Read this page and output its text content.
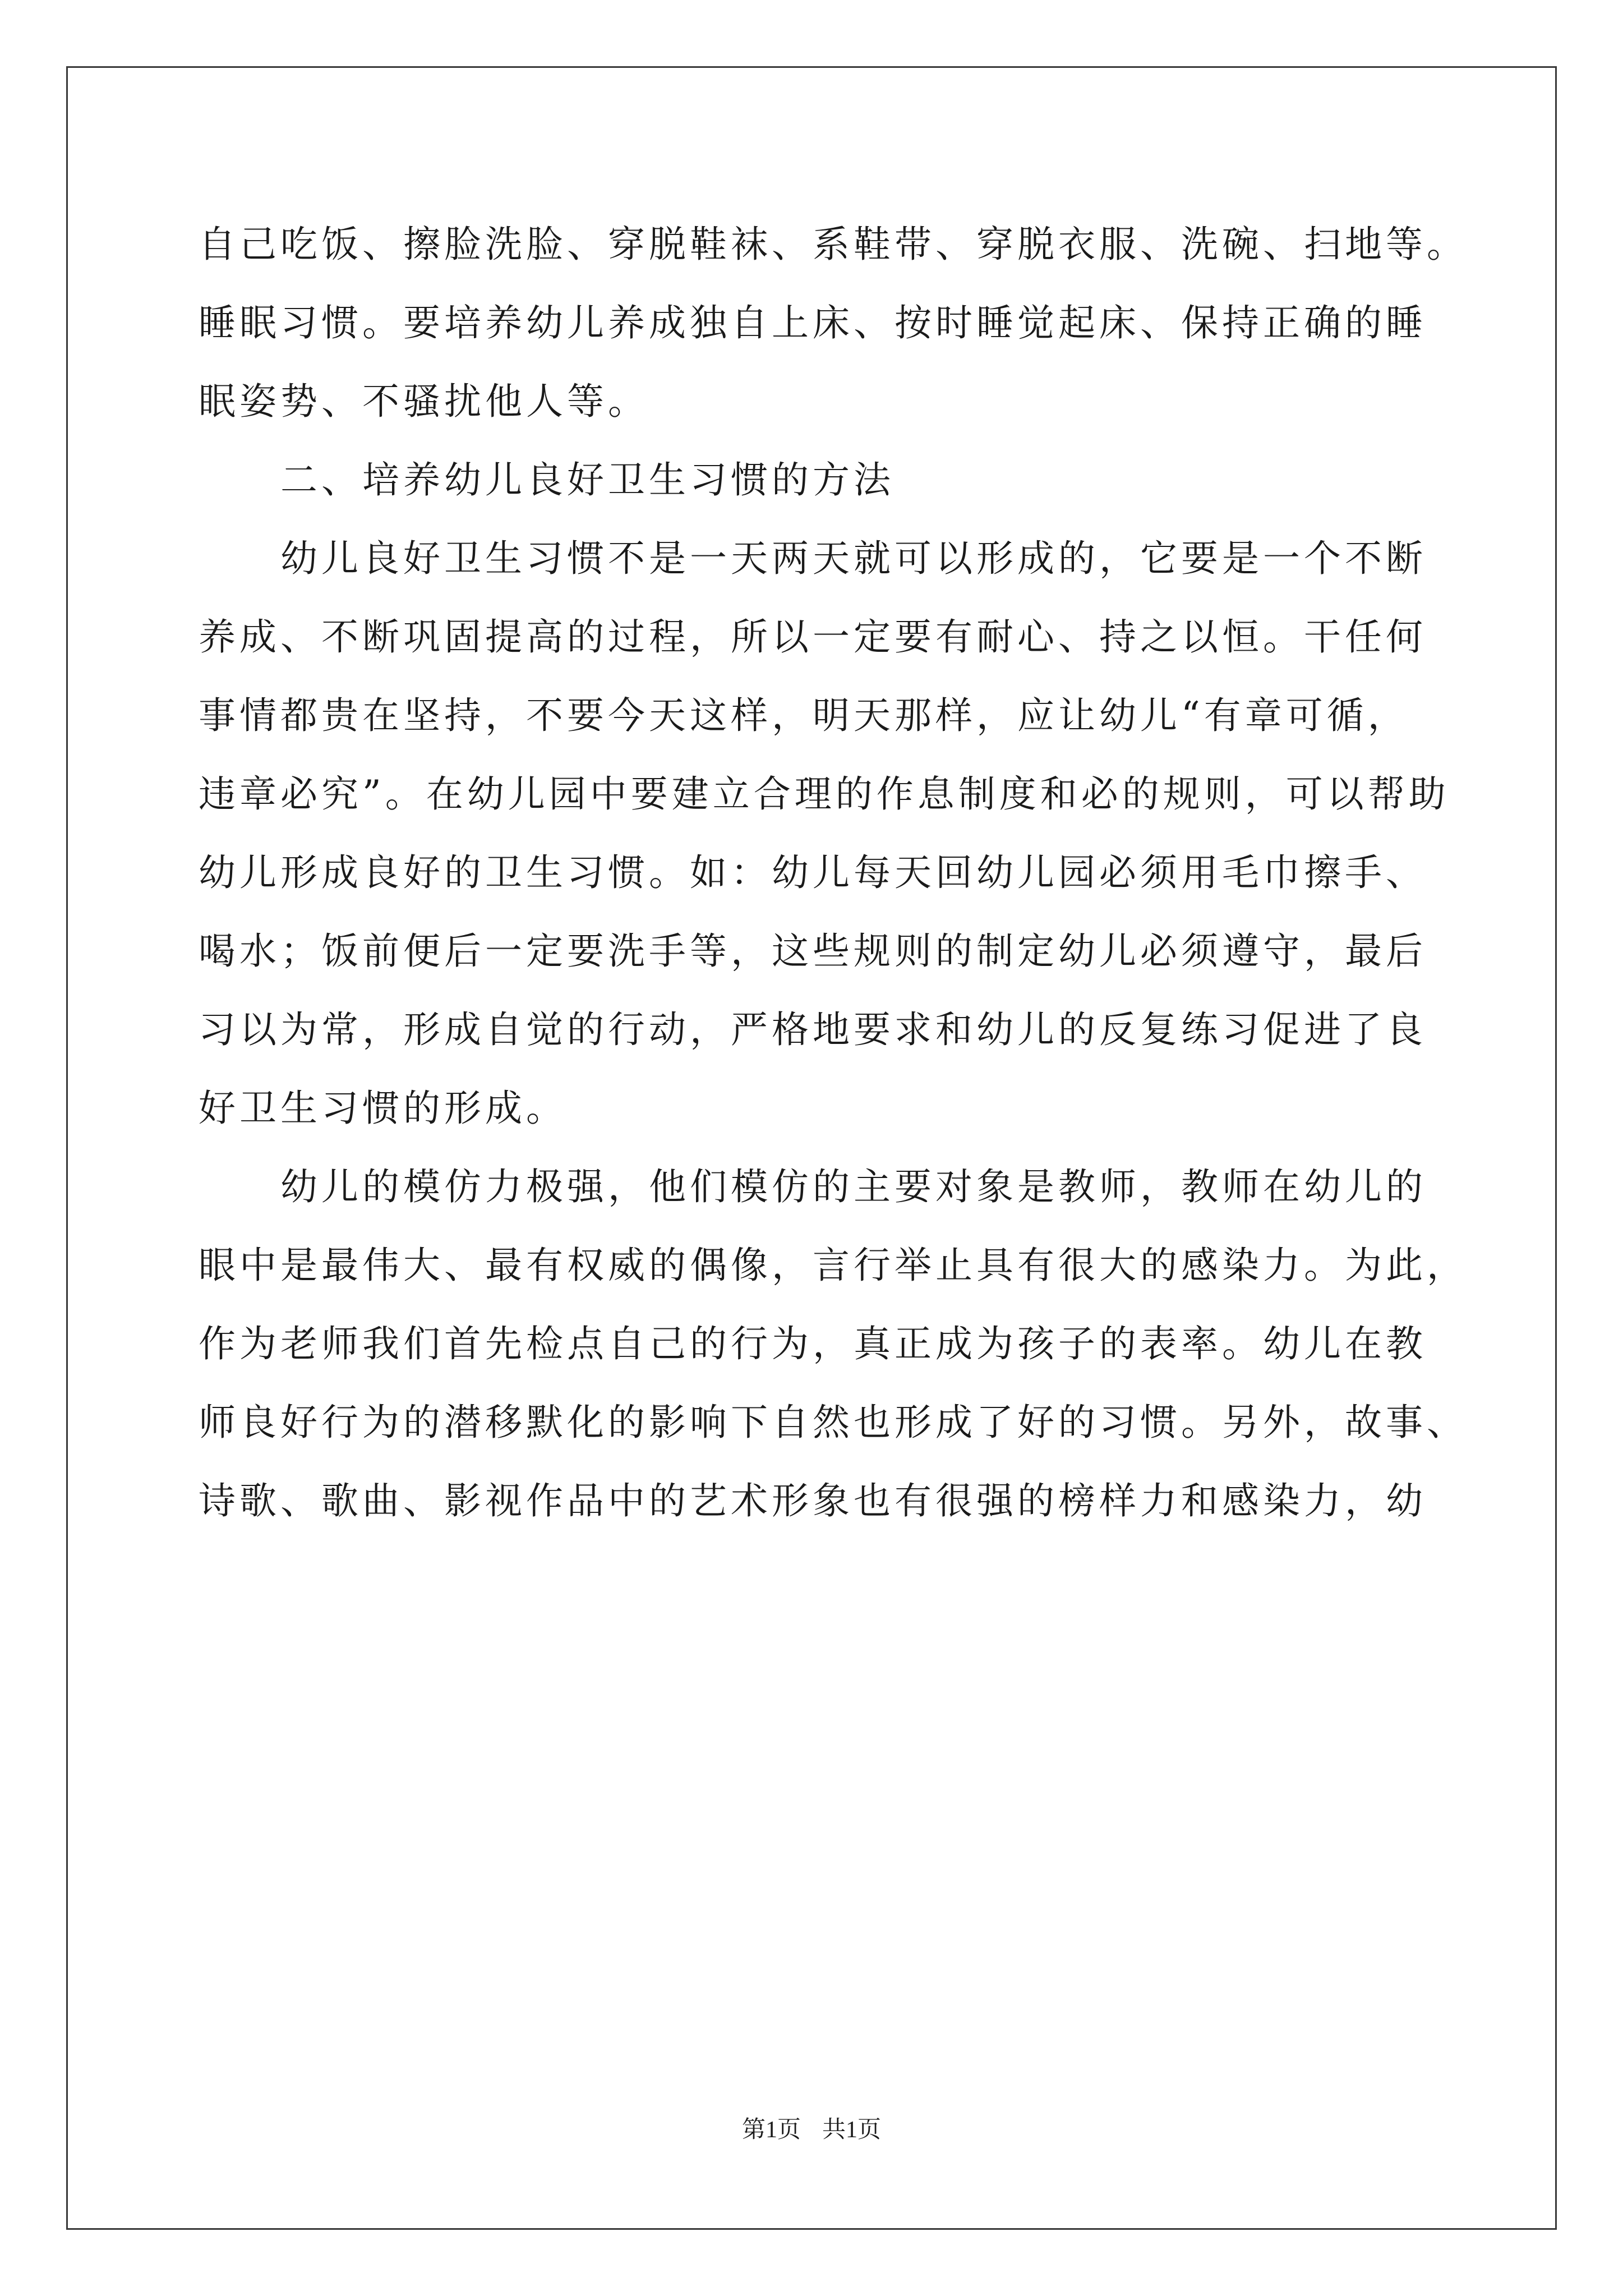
自己吃饭、擦脸洗脸、穿脱鞋袜、系鞋带、穿脱衣服、洗碗、扫地等。
睡眠习惯。要培养幼儿养成独自上床、按时睡觉起床、保持正确的睡
眠姿势、不骚扰他人等。
二、培养幼儿良好卫生习惯的方法
幼儿良好卫生习惯不是一天两天就可以形成的，它要是一个不断
养成、不断巩固提高的过程，所以一定要有耐心、持之以恒。干任何
事情都贵在坚持，不要今天这样，明天那样，应让幼儿“有章可循，
违章必究”。在幼儿园中要建立合理的作息制度和必的规则，可以帮助
幼儿形成良好的卫生习惯。如：幼儿每天回幼儿园必须用毛巾擦手、
喝水；饭前便后一定要洗手等，这些规则的制定幼儿必须遵守，最后
习以为常，形成自觉的行动，严格地要求和幼儿的反复练习促进了良
好卫生习惯的形成。
幼儿的模仿力极强，他们模仿的主要对象是教师，教师在幼儿的
眼中是最伟大、最有权威的偶像，言行举止具有很大的感染力。为此，
作为老师我们首先检点自己的行为，真正成为孩子的表率。幼儿在教
师良好行为的潜移默化的影响下自然也形成了好的习惯。另外，故事、
诗歌、歌曲、影视作品中的艺术形象也有很强的榜样力和感染力，幼
第1页 共1页
